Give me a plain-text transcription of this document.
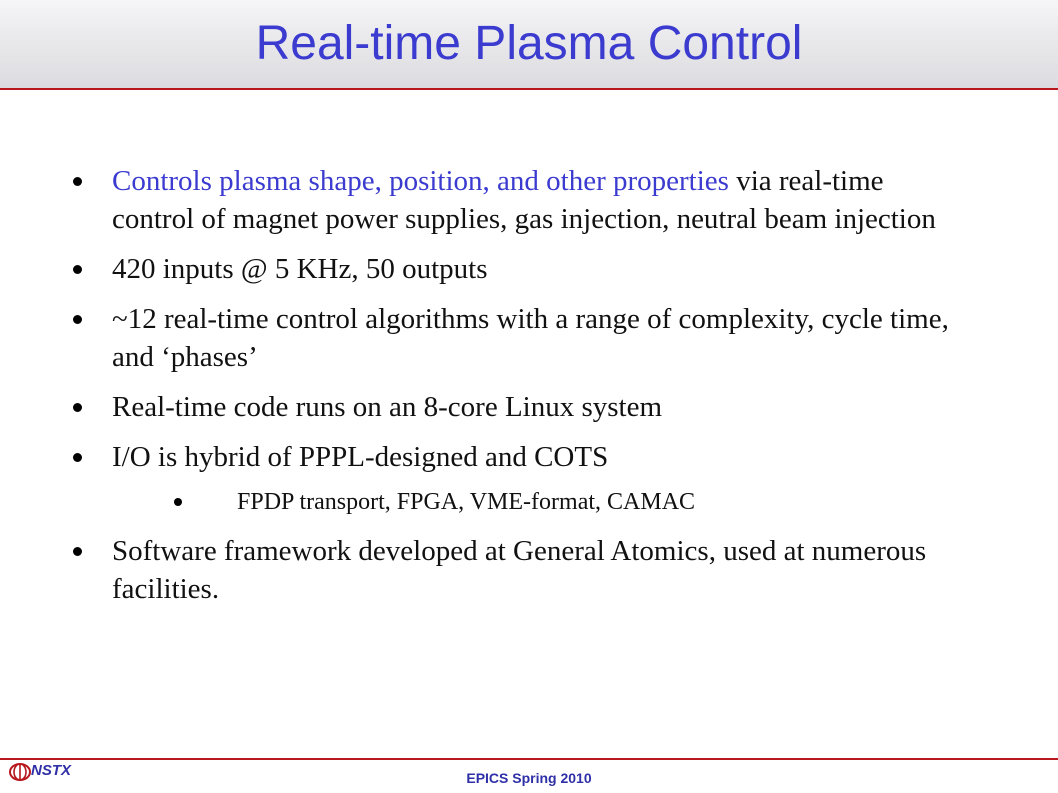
Real-time Plasma Control
Controls plasma shape, position, and other properties via real-time control of magnet power supplies, gas injection, neutral beam injection
420 inputs @ 5 KHz, 50 outputs
~12 real-time control algorithms with a range of complexity, cycle time, and ‘phases’
Real-time code runs on an 8-core Linux system
I/O is hybrid of PPPL-designed and COTS
FPDP transport, FPGA, VME-format, CAMAC
Software framework developed at General Atomics, used at numerous facilities.
NSTX	EPICS Spring 2010
